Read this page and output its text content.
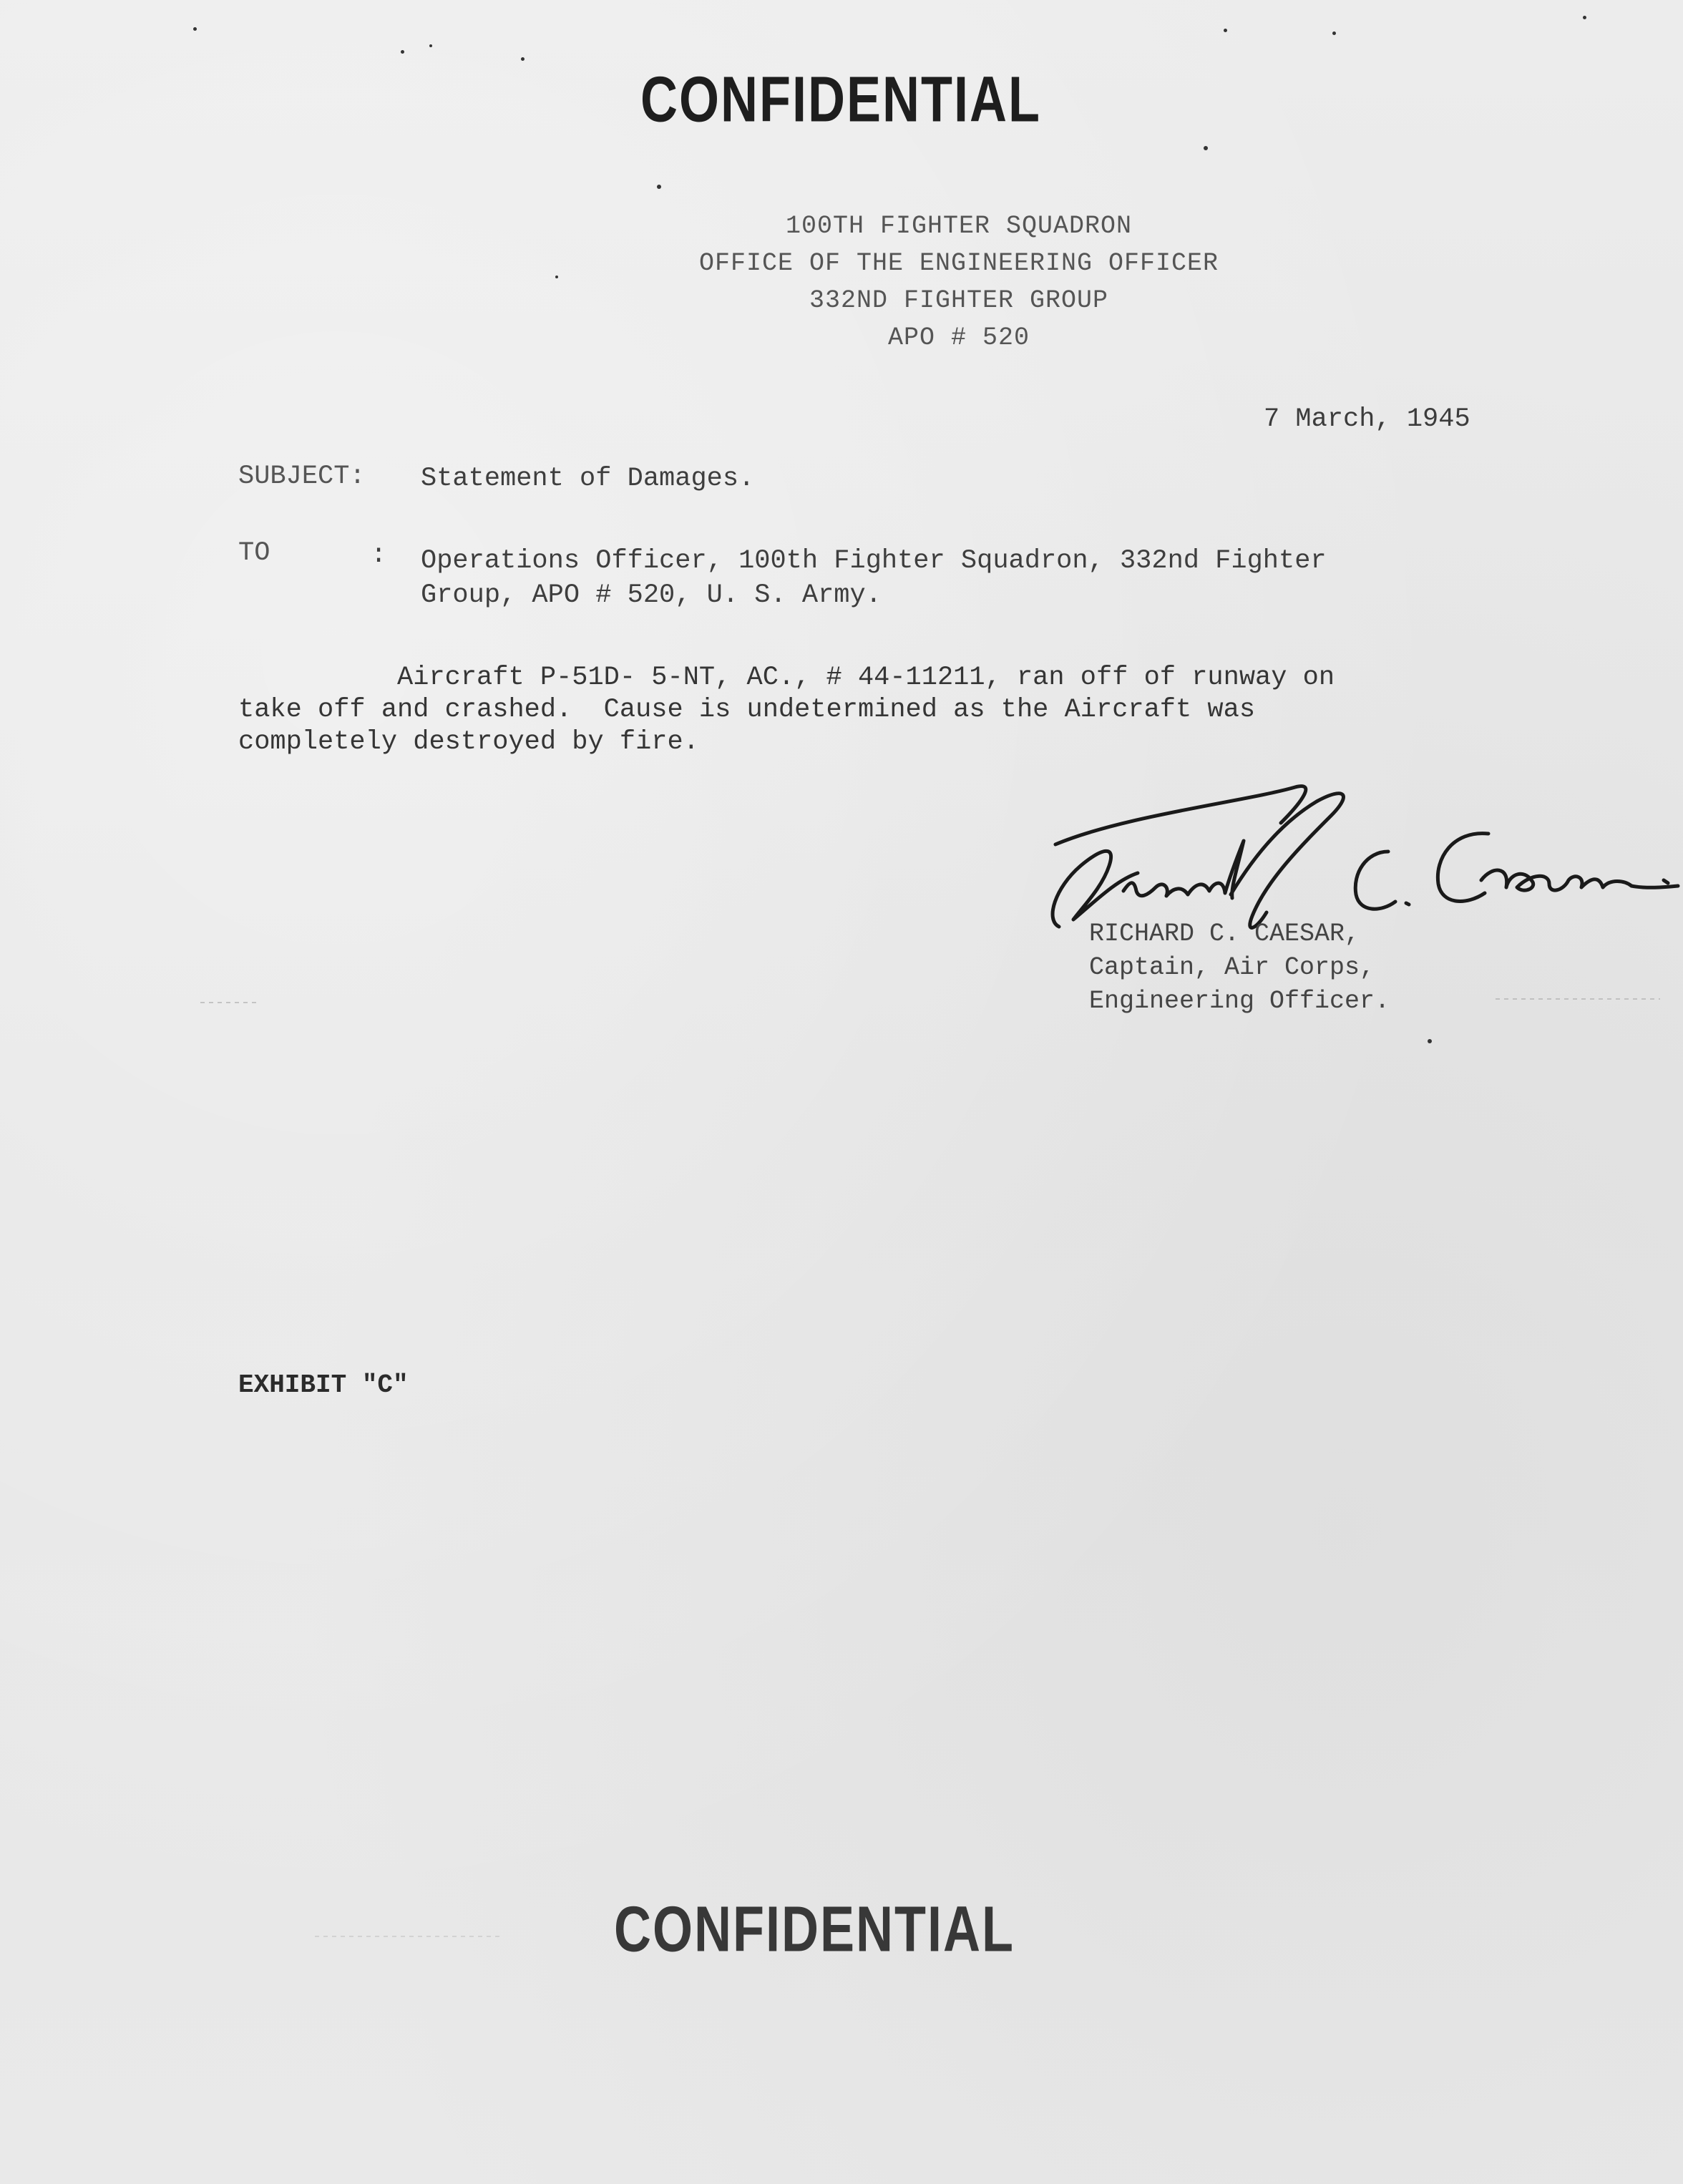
CONFIDENTIAL
100TH FIGHTER SQUADRON
OFFICE OF THE ENGINEERING OFFICER
332ND FIGHTER GROUP
APO # 520
7 March, 1945
SUBJECT: Statement of Damages.
TO	: Operations Officer, 100th Fighter Squadron, 332nd Fighter
Group, APO # 520, U. S. Army.
Aircraft P-51D- 5-NT, AC., # 44-11211, ran off of runway on
take off and crashed.  Cause is undetermined as the Aircraft was
completely destroyed by fire.
RICHARD C. CAESAR,
Captain, Air Corps,
Engineering Officer.
EXHIBIT "C"
CONFIDENTIAL
